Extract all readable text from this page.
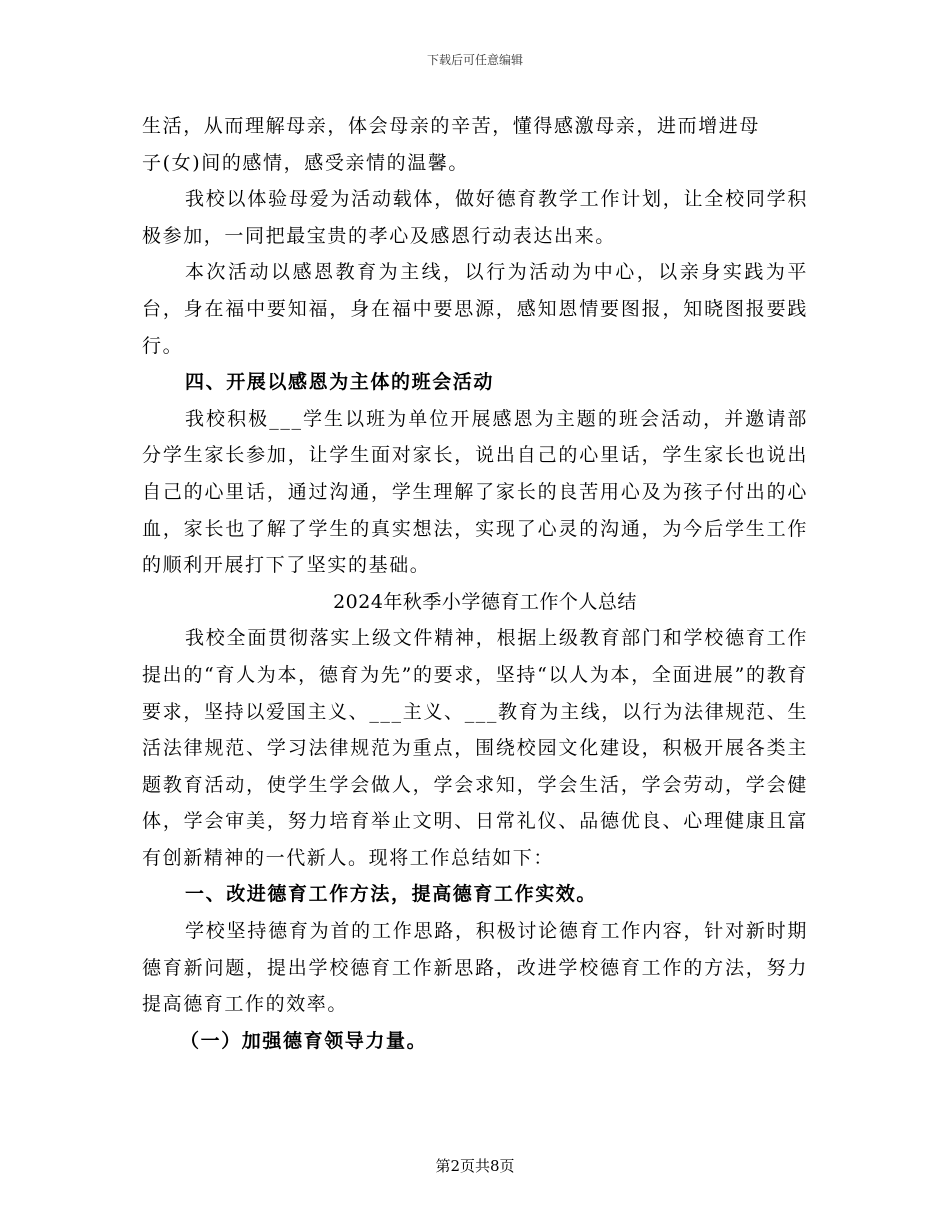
下载后可任意编辑

生活，从而理解母亲，体会母亲的辛苦，懂得感激母亲，进而增进母
子(女)间的感情，感受亲情的温馨。

我校以体验母爱为活动载体，做好德育教学工作计划，让全校同学积极参加，一同把最宝贵的孝心及感恩行动表达出来。

本次活动以感恩教育为主线，以行为活动为中心，以亲身实践为平台，身在福中要知福，身在福中要思源，感知恩情要图报，知晓图报要践行。

四、开展以感恩为主体的班会活动

我校积极___学生以班为单位开展感恩为主题的班会活动，并邀请部分学生家长参加，让学生面对家长，说出自己的心里话，学生家长也说出自己的心里话，通过沟通，学生理解了家长的良苦用心及为孩子付出的心血，家长也了解了学生的真实想法，实现了心灵的沟通，为今后学生工作的顺利开展打下了坚实的基础。

2024年秋季小学德育工作个人总结

我校全面贯彻落实上级文件精神，根据上级教育部门和学校德育工作提出的“育人为本，德育为先”的要求，坚持“以人为本，全面进展”的教育要求，坚持以爱国主义、___主义、___教育为主线，以行为法律规范、生活法律规范、学习法律规范为重点，围绕校园文化建设，积极开展各类主题教育活动，使学生学会做人，学会求知，学会生活，学会劳动，学会健体，学会审美，努力培育举止文明、日常礼仪、品德优良、心理健康且富有创新精神的一代新人。现将工作总结如下：

一、改进德育工作方法，提高德育工作实效。

学校坚持德育为首的工作思路，积极讨论德育工作内容，针对新时期德育新问题，提出学校德育工作新思路，改进学校德育工作的方法，努力提高德育工作的效率。

（一）加强德育领导力量。

第2页共8页
